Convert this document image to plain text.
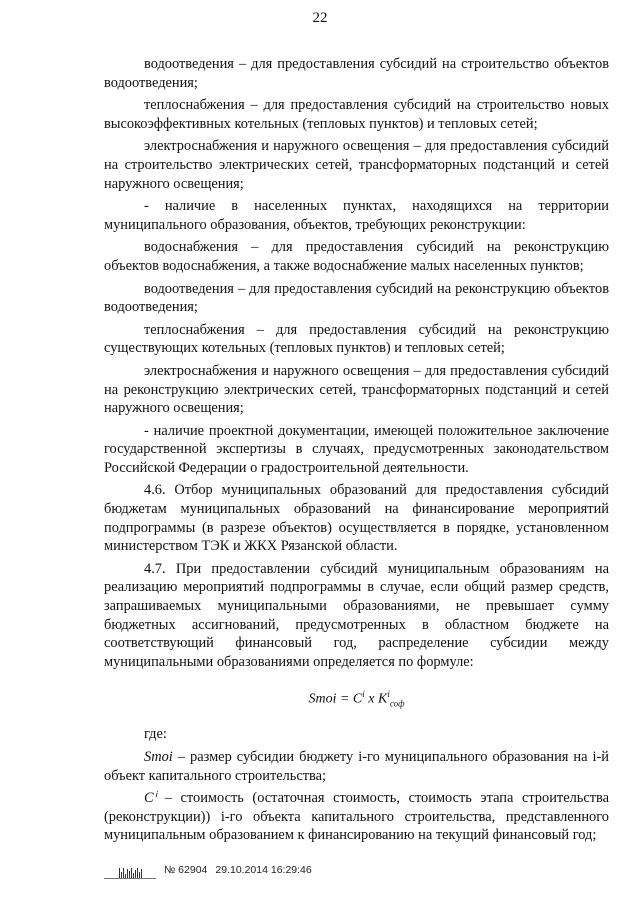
22

водоотведения – для предоставления субсидий на строительство объектов водоотведения;

теплоснабжения – для предоставления субсидий на строительство новых высокоэффективных котельных (тепловых пунктов) и тепловых сетей;

электроснабжения и наружного освещения – для предоставления субсидий на строительство электрических сетей, трансформаторных подстанций и сетей наружного освещения;

- наличие в населенных пунктах, находящихся на территории муниципального образования, объектов, требующих реконструкции:

водоснабжения – для предоставления субсидий на реконструкцию объектов водоснабжения, а также водоснабжение малых населенных пунктов;

водоотведения – для предоставления субсидий на реконструкцию объектов водоотведения;

теплоснабжения – для предоставления субсидий на реконструкцию существующих котельных (тепловых пунктов) и тепловых сетей;

электроснабжения и наружного освещения – для предоставления субсидий на реконструкцию электрических сетей, трансформаторных подстанций и сетей наружного освещения;

- наличие проектной документации, имеющей положительное заключение государственной экспертизы в случаях, предусмотренных законодательством Российской Федерации о градостроительной деятельности.

4.6. Отбор муниципальных образований для предоставления субсидий бюджетам муниципальных образований на финансирование мероприятий подпрограммы (в разрезе объектов) осуществляется в порядке, установленном министерством ТЭК и ЖКХ Рязанской области.

4.7. При предоставлении субсидий муниципальным образованиям на реализацию мероприятий подпрограммы в случае, если общий размер средств, запрашиваемых муниципальными образованиями, не превышает сумму бюджетных ассигнований, предусмотренных в областном бюджете на соответствующий финансовый год, распределение субсидии между муниципальными образованиями определяется по формуле:

Smoi = $C^i$ x $K^i_{соф}$

где:

Smoi – размер субсидии бюджету i-го муниципального образования на i-й объект капитального строительства;

Cⁱ – стоимость (остаточная стоимость, стоимость этапа строительства (реконструкции)) i-го объекта капитального строительства, представленного муниципальным образованием к финансированию на текущий финансовый год;

№ 62904 29.10.2014 16:29:46
